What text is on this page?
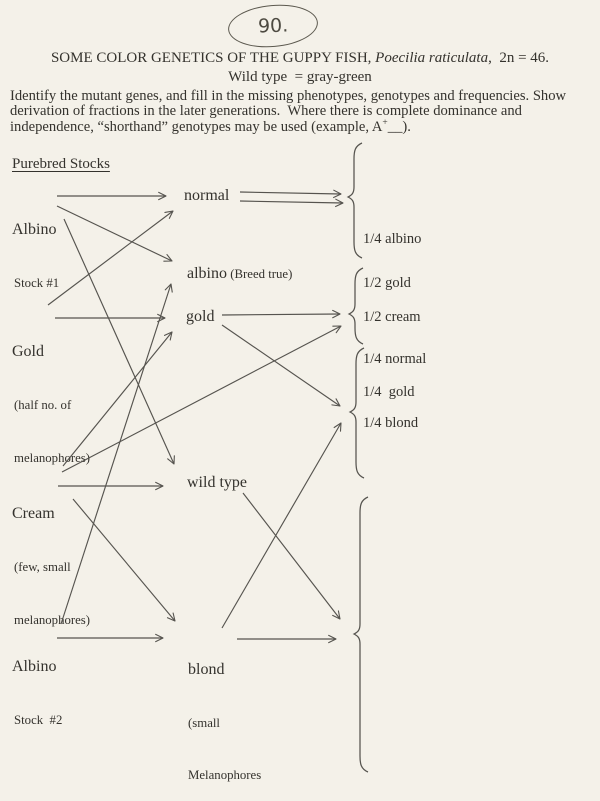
90.
SOME COLOR GENETICS OF THE GUPPY FISH, Poecilia raticulata,  2n = 46.
Wild type  = gray-green
Identify the mutant genes, and fill in the missing phenotypes, genotypes and frequencies. Show
derivation of fractions in the later generations.  Where there is complete dominance and
independence, “shorthand” genotypes may be used (example, A+__).
Purebred Stocks

Albino

Stock #1

Gold

(half no. of

melanophores)

Cream

(few, small

melanophores)

Albino

Stock  #2

normal
albino (Breed true)
gold
wild type

blond

(small

Melanophores

1/4 albino
1/2 gold
1/2 cream
1/4 normal
1/4  gold
1/4 blond
